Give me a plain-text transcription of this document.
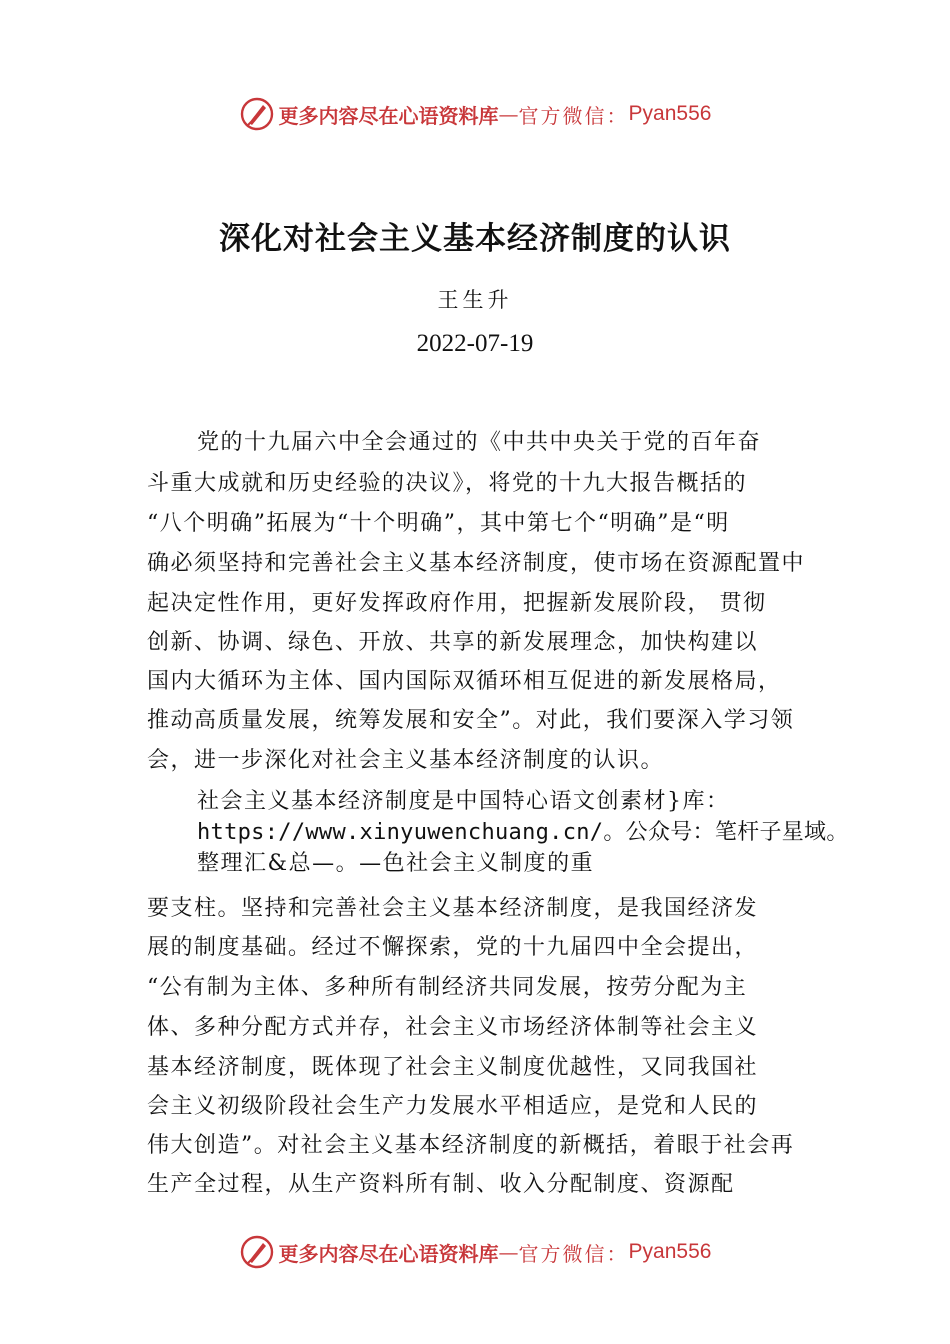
更多内容尽在心语资料库 — 官方微信： Pyan556
深化对社会主义基本经济制度的认识
王生升
2022-07-19
党的十九届六中全会通过的《中共中央关于党的百年奋
斗重大成就和历史经验的决议》，将党的十九大报告概括的
“八个明确”拓展为“十个明确”，其中第七个“明确”是“明
确必须坚持和完善社会主义基本经济制度，使市场在资源配置中
起决定性作用，更好发挥政府作用，把握新发展阶段， 贯彻
创新、协调、绿色、开放、共享的新发展理念，加快构建以
国内大循环为主体、国内国际双循环相互促进的新发展格局，
推动高质量发展，统筹发展和安全”。对此，我们要深入学习领
会，进一步深化对社会主义基本经济制度的认识。
社会主义基本经济制度是中国特心语文创素材}库：
https://www.xinyuwenchuang.cn/。公众号：笔杆子星域。
整理汇&总—。—色社会主义制度的重
要支柱。坚持和完善社会主义基本经济制度，是我国经济发
展的制度基础。经过不懈探索，党的十九届四中全会提出，
“公有制为主体、多种所有制经济共同发展，按劳分配为主
体、多种分配方式并存，社会主义市场经济体制等社会主义
基本经济制度，既体现了社会主义制度优越性，又同我国社
会主义初级阶段社会生产力发展水平相适应，是党和人民的
伟大创造”。对社会主义基本经济制度的新概括，着眼于社会再
生产全过程，从生产资料所有制、收入分配制度、资源配
更多内容尽在心语资料库 — 官方微信： Pyan556
